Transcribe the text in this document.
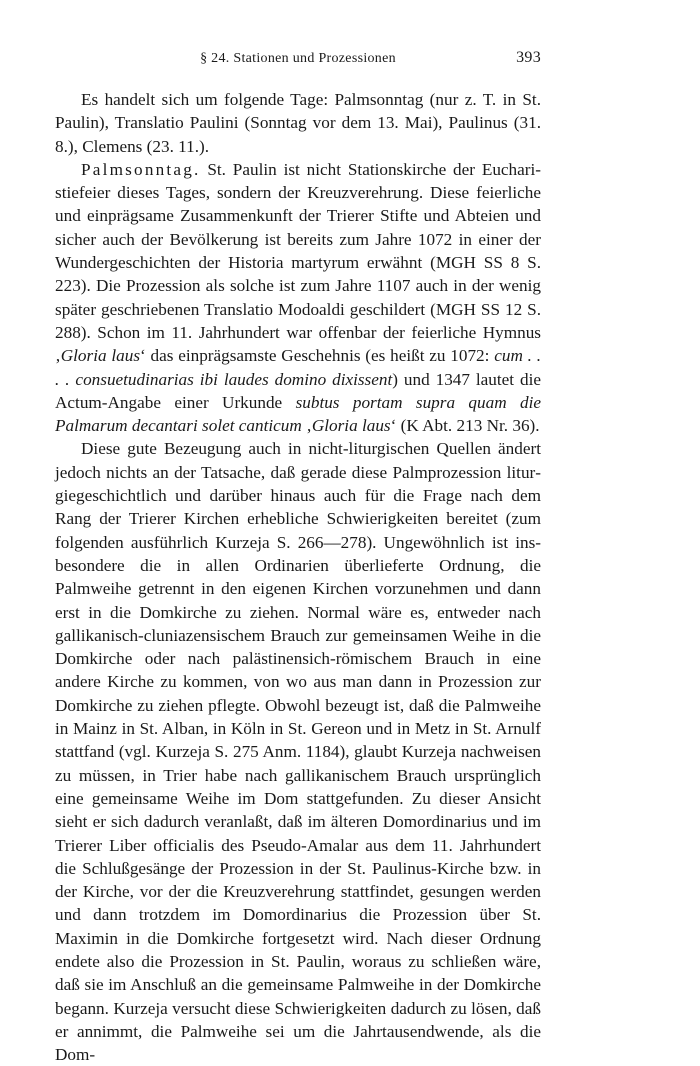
§ 24. Stationen und Prozessionen	393

Es handelt sich um folgende Tage: Palmsonntag (nur z. T. in St. Paulin), Translatio Paulini (Sonntag vor dem 13. Mai), Paulinus (31. 8.), Clemens (23. 11.).

Palmsonntag. St. Paulin ist nicht Stationskirche der Eucharistiefeier dieses Tages, sondern der Kreuzverehrung. Diese feierliche und einprägsame Zusammenkunft der Trierer Stifte und Abteien und sicher auch der Bevölkerung ist bereits zum Jahre 1072 in einer der Wundergeschichten der Historia martyrum erwähnt (MGH SS 8 S. 223). Die Prozession als solche ist zum Jahre 1107 auch in der wenig später geschriebenen Translatio Modoaldi geschildert (MGH SS 12 S. 288). Schon im 11. Jahrhundert war offenbar der feierliche Hymnus ‚Gloria laus‘ das einprägsamste Geschehnis (es heißt zu 1072: cum . . . . consuetudinarias ibi laudes domino dixissent) und 1347 lautet die Actum-Angabe einer Urkunde subtus portam supra quam die Palmarum decantari solet canticum ‚Gloria laus‘ (K Abt. 213 Nr. 36).

Diese gute Bezeugung auch in nicht-liturgischen Quellen ändert jedoch nichts an der Tatsache, daß gerade diese Palmprozession liturgiegeschichtlich und darüber hinaus auch für die Frage nach dem Rang der Trierer Kirchen erhebliche Schwierigkeiten bereitet (zum folgenden ausführlich Kurzeja S. 266—278). Ungewöhnlich ist insbesondere die in allen Ordinarien überlieferte Ordnung, die Palmweihe getrennt in den eigenen Kirchen vorzunehmen und dann erst in die Domkirche zu ziehen. Normal wäre es, entweder nach gallikanisch-cluniazensischem Brauch zur gemeinsamen Weihe in die Domkirche oder nach palästinensich-römischem Brauch in eine andere Kirche zu kommen, von wo aus man dann in Prozession zur Domkirche zu ziehen pflegte. Obwohl bezeugt ist, daß die Palmweihe in Mainz in St. Alban, in Köln in St. Gereon und in Metz in St. Arnulf stattfand (vgl. Kurzeja S. 275 Anm. 1184), glaubt Kurzeja nachweisen zu müssen, in Trier habe nach gallikanischem Brauch ursprünglich eine gemeinsame Weihe im Dom stattgefunden. Zu dieser Ansicht sieht er sich dadurch veranlaßt, daß im älteren Domordinarius und im Trierer Liber officialis des Pseudo-Amalar aus dem 11. Jahrhundert die Schlußgesänge der Prozession in der St. Paulinus-Kirche bzw. in der Kirche, vor der die Kreuzverehrung stattfindet, gesungen werden und dann trotzdem im Domordinarius die Prozession über St. Maximin in die Domkirche fortgesetzt wird. Nach dieser Ordnung endete also die Prozession in St. Paulin, woraus zu schließen wäre, daß sie im Anschluß an die gemeinsame Palmweihe in der Domkirche begann. Kurzeja versucht diese Schwierigkeiten dadurch zu lösen, daß er annimmt, die Palmweihe sei um die Jahrtausendwende, als die Dom-
